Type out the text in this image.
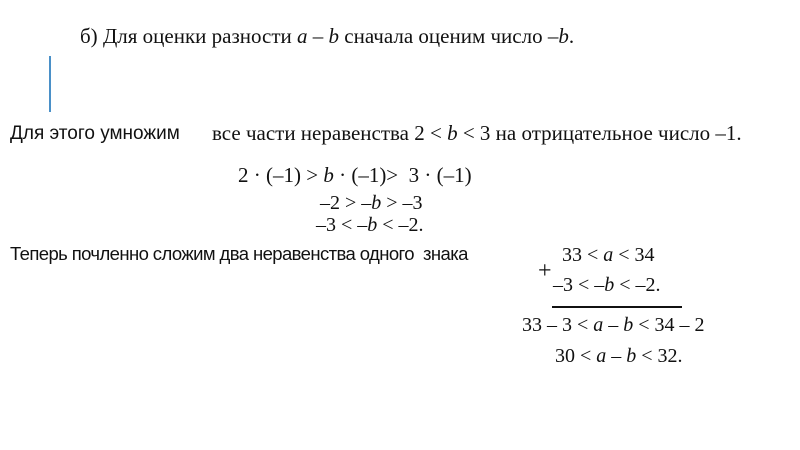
б) Для оценки разности a – b сначала оценим число –b.
Для этого умножим все части неравенства 2 < b < 3 на отрицательное число –1.
2 · (–1) > b · (–1)>  3 · (–1)
–2 > –b > –3
–3 < –b < –2.
Теперь почленно сложим два неравенства одного  знака
+
33 < a < 34
–3 < –b < –2.
33 – 3 < a – b < 34 – 2
30 < a – b < 32.
